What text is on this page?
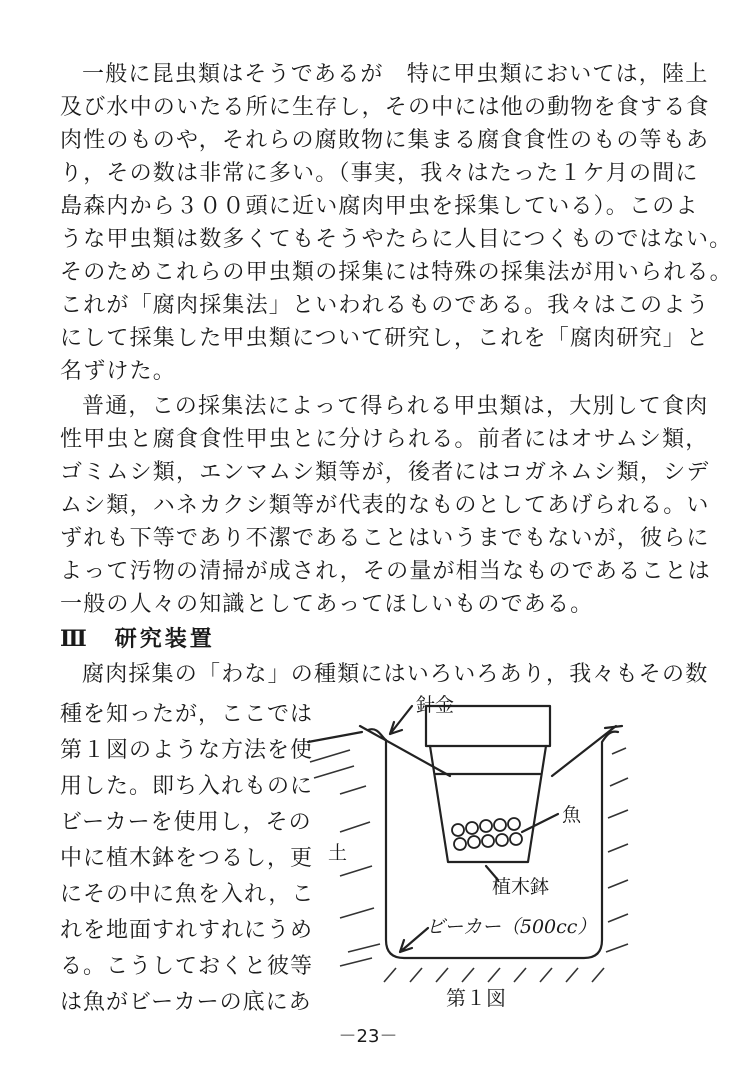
一般に昆虫類はそうであるが　特に甲虫類においては，陸上
及び水中のいたる所に生存し，その中には他の動物を食する食
肉性のものや，それらの腐敗物に集まる腐食食性のもの等もあ
り，その数は非常に多い。（事実，我々はたった１ケ月の間に
島森内から３００頭に近い腐肉甲虫を採集している）。このよ
うな甲虫類は数多くてもそうやたらに人目につくものではない。
そのためこれらの甲虫類の採集には特殊の採集法が用いられる。
これが「腐肉採集法」といわれるものである。我々はこのよう
にして採集した甲虫類について研究し，これを「腐肉研究」と
名ずけた。
普通，この採集法によって得られる甲虫類は，大別して食肉
性甲虫と腐食食性甲虫とに分けられる。前者にはオサムシ類，
ゴミムシ類，エンマムシ類等が，後者にはコガネムシ類，シデ
ムシ類，ハネカクシ類等が代表的なものとしてあげられる。い
ずれも下等であり不潔であることはいうまでもないが，彼らに
よって汚物の清掃が成され，その量が相当なものであることは
一般の人々の知識としてあってほしいものである。
Ⅲ　研究装置
腐肉採集の「わな」の種類にはいろいろあり，我々もその数
種を知ったが，ここでは
第１図のような方法を使
用した。即ち入れものに
ビーカーを使用し，その
中に植木鉢をつるし，更
にその中に魚を入れ，こ
れを地面すれすれにうめ
る。こうしておくと彼等
は魚がビーカーの底にあ
針金
魚
土
植木鉢
ビーカー（500cc）
第１図
－23－
